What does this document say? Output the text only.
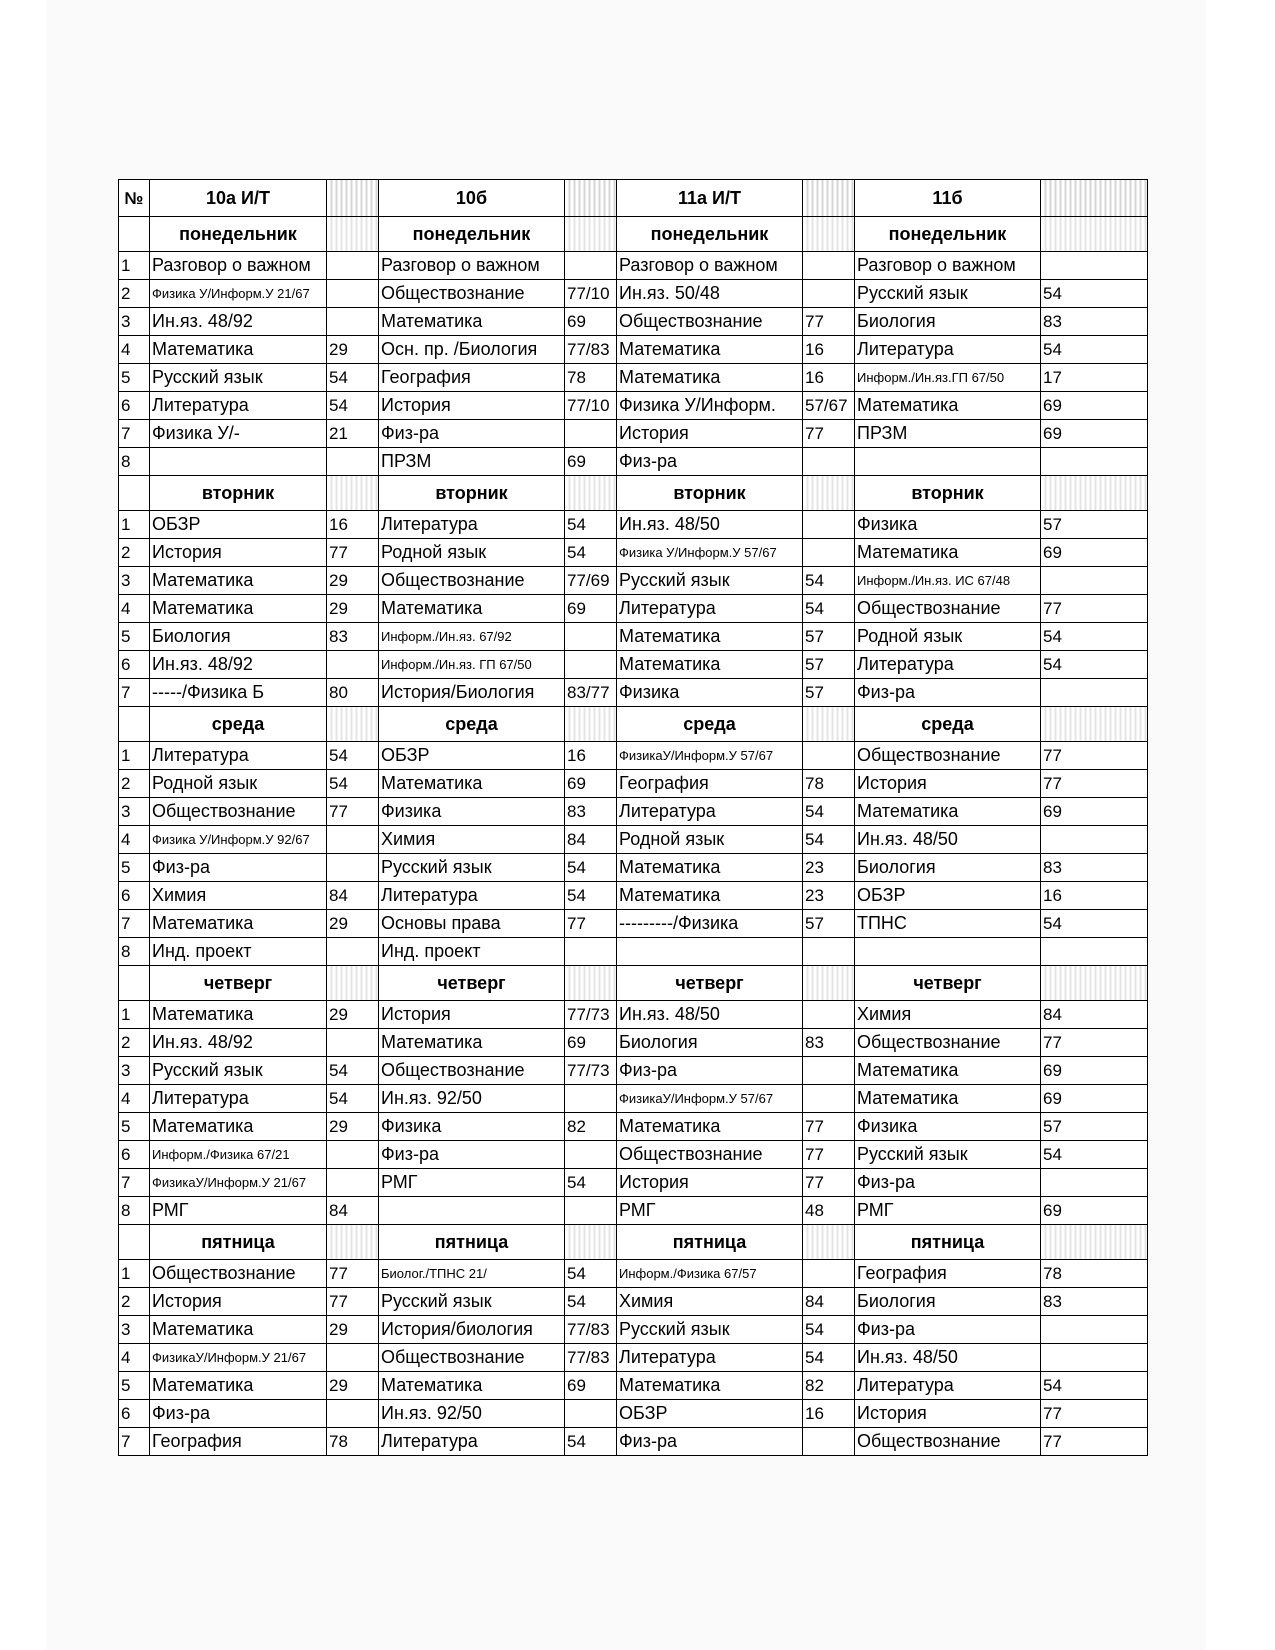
№	10а И/Т		10б		11а И/Т		11б	
	понедельник		понедельник		понедельник		понедельник	
1	Разговор о важном		Разговор о важном		Разговор о важном		Разговор о важном	
2	Физика У/Информ.У 21/67		Обществознание	77/10	Ин.яз. 50/48		Русский язык	54
3	Ин.яз. 48/92		Математика	69	Обществознание	77	Биология	83
4	Математика	29	Осн. пр. /Биология	77/83	Математика	16	Литература	54
5	Русский язык	54	География	78	Математика	16	Информ./Ин.яз.ГП 67/50	17
6	Литература	54	История	77/10	Физика У/Информ.	57/67	Математика	69
7	Физика У/-	21	Физ-ра		История	77	ПРЗМ	69
8			ПРЗМ	69	Физ-ра			
	вторник		вторник		вторник		вторник	
1	ОБЗР	16	Литература	54	Ин.яз. 48/50		Физика	57
2	История	77	Родной язык	54	Физика У/Информ.У 57/67		Математика	69
3	Математика	29	Обществознание	77/69	Русский язык	54	Информ./Ин.яз. ИС 67/48	
4	Математика	29	Математика	69	Литература	54	Обществознание	77
5	Биология	83	Информ./Ин.яз. 67/92		Математика	57	Родной язык	54
6	Ин.яз. 48/92		Информ./Ин.яз. ГП 67/50		Математика	57	Литература	54
7	-----/Физика Б	80	История/Биология	83/77	Физика	57	Физ-ра	
	среда		среда		среда		среда	
1	Литература	54	ОБЗР	16	ФизикаУ/Информ.У 57/67		Обществознание	77
2	Родной язык	54	Математика	69	География	78	История	77
3	Обществознание	77	Физика	83	Литература	54	Математика	69
4	Физика У/Информ.У 92/67		Химия	84	Родной язык	54	Ин.яз. 48/50	
5	Физ-ра		Русский язык	54	Математика	23	Биология	83
6	Химия	84	Литература	54	Математика	23	ОБЗР	16
7	Математика	29	Основы права	77	---------/Физика	57	ТПНС	54
8	Инд. проект		Инд. проект					
	четверг		четверг		четверг		четверг	
1	Математика	29	История	77/73	Ин.яз. 48/50		Химия	84
2	Ин.яз. 48/92		Математика	69	Биология	83	Обществознание	77
3	Русский язык	54	Обществознание	77/73	Физ-ра		Математика	69
4	Литература	54	Ин.яз. 92/50		ФизикаУ/Информ.У 57/67		Математика	69
5	Математика	29	Физика	82	Математика	77	Физика	57
6	Информ./Физика 67/21		Физ-ра		Обществознание	77	Русский язык	54
7	ФизикаУ/Информ.У 21/67		РМГ	54	История	77	Физ-ра	
8	РМГ	84			РМГ	48	РМГ	69
	пятница		пятница		пятница		пятница	
1	Обществознание	77	Биолог./ТПНС 21/	54	Информ./Физика 67/57		География	78
2	История	77	Русский язык	54	Химия	84	Биология	83
3	Математика	29	История/биология	77/83	Русский язык	54	Физ-ра	
4	ФизикаУ/Информ.У 21/67		Обществознание	77/83	Литература	54	Ин.яз. 48/50	
5	Математика	29	Математика	69	Математика	82	Литература	54
6	Физ-ра		Ин.яз. 92/50		ОБЗР	16	История	77
7	География	78	Литература	54	Физ-ра		Обществознание	77
